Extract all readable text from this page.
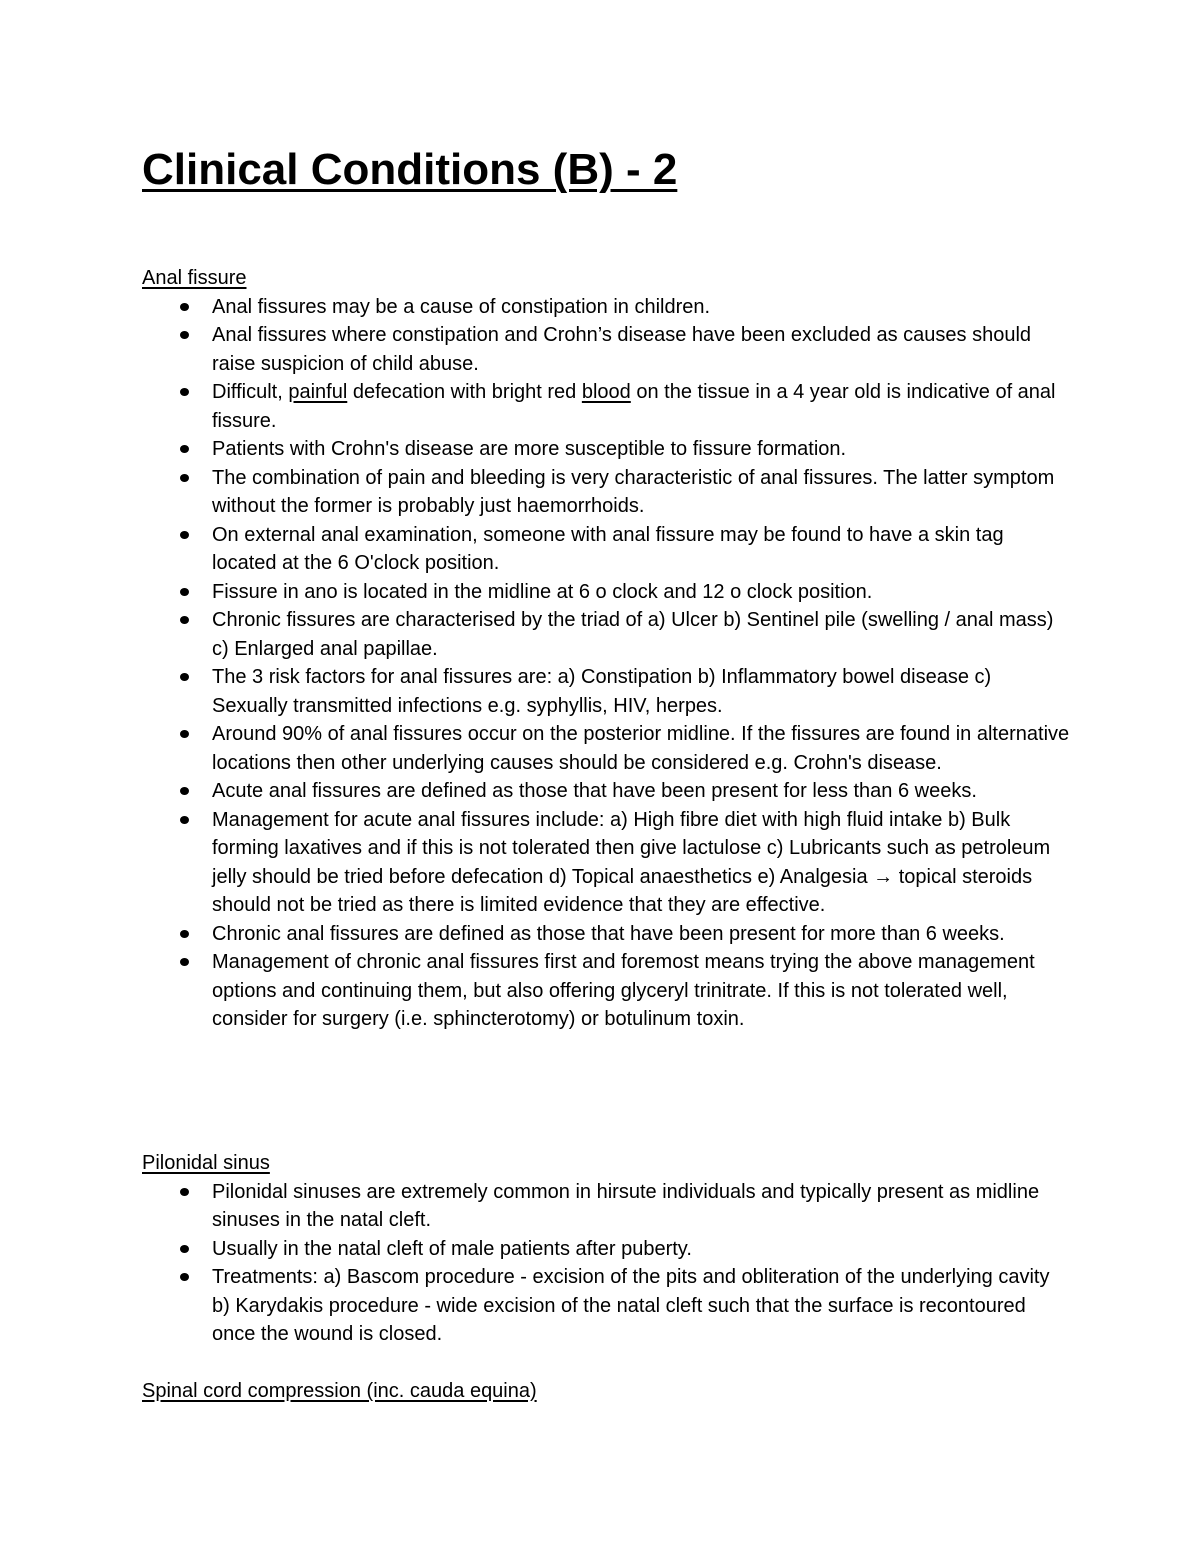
Clinical Conditions (B) - 2

Anal fissure

Anal fissures may be a cause of constipation in children.
Anal fissures where constipation and Crohn’s disease have been excluded as causes should raise suspicion of child abuse.
Difficult, painful defecation with bright red blood on the tissue in a 4 year old is indicative of anal fissure.
Patients with Crohn's disease are more susceptible to fissure formation.
The combination of pain and bleeding is very characteristic of anal fissures. The latter symptom without the former is probably just haemorrhoids.
On external anal examination, someone with anal fissure may be found to have a skin tag located at the 6 O'clock position.
Fissure in ano is located in the midline at 6 o clock and 12 o clock position.
Chronic fissures are characterised by the triad of a) Ulcer b) Sentinel pile (swelling / anal mass) c) Enlarged anal papillae.
The 3 risk factors for anal fissures are: a) Constipation b) Inflammatory bowel disease c) Sexually transmitted infections e.g. syphyllis, HIV, herpes.
Around 90% of anal fissures occur on the posterior midline. If the fissures are found in alternative locations then other underlying causes should be considered e.g. Crohn's disease.
Acute anal fissures are defined as those that have been present for less than 6 weeks.
Management for acute anal fissures include: a) High fibre diet with high fluid intake b) Bulk forming laxatives and if this is not tolerated then give lactulose c) Lubricants such as petroleum jelly should be tried before defecation d) Topical anaesthetics e) Analgesia → topical steroids should not be tried as there is limited evidence that they are effective.
Chronic anal fissures are defined as those that have been present for more than 6 weeks.
Management of chronic anal fissures first and foremost means trying the above management options and continuing them, but also offering glyceryl trinitrate. If this is not tolerated well, consider for surgery (i.e. sphincterotomy) or botulinum toxin.

Pilonidal sinus

Pilonidal sinuses are extremely common in hirsute individuals and typically present as midline sinuses in the natal cleft.
Usually in the natal cleft of male patients after puberty.
Treatments: a) Bascom procedure - excision of the pits and obliteration of the underlying cavity b) Karydakis procedure - wide excision of the natal cleft such that the surface is recontoured once the wound is closed.

Spinal cord compression (inc. cauda equina)
